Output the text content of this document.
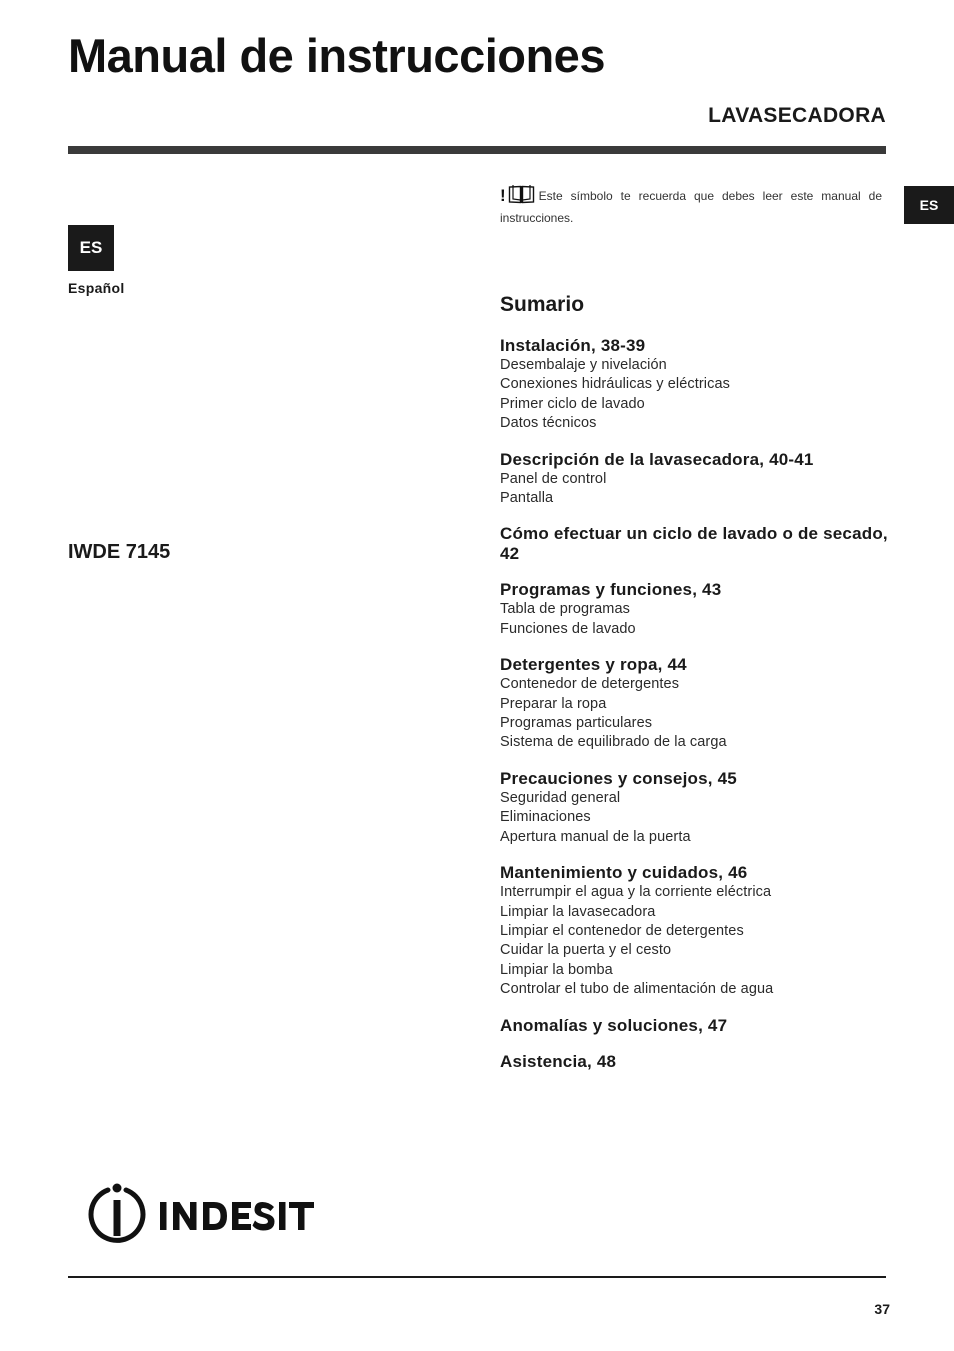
Manual de instrucciones
LAVASECADORA
ES
Español
ES
IWDE 7145
!	Este símbolo te recuerda que debes leer este manual de instrucciones.
Sumario
Instalación, 38-39
Desembalaje y nivelación
Conexiones hidráulicas y eléctricas
Primer ciclo de lavado
Datos técnicos
Descripción de la lavasecadora, 40-41
Panel de control
Pantalla
Cómo efectuar un ciclo de lavado o de secado, 42
Programas y funciones, 43
Tabla de programas
Funciones de lavado
Detergentes y ropa, 44
Contenedor de detergentes
Preparar la ropa
Programas particulares
Sistema de equilibrado de la carga
Precauciones y consejos, 45
Seguridad general
Eliminaciones
Apertura manual de la puerta
Mantenimiento y cuidados, 46
Interrumpir el agua y la corriente eléctrica
Limpiar la lavasecadora
Limpiar el contenedor de detergentes
Cuidar la puerta y el cesto
Limpiar la bomba
Controlar el tubo de alimentación de agua
Anomalías y soluciones, 47
Asistencia, 48
37
